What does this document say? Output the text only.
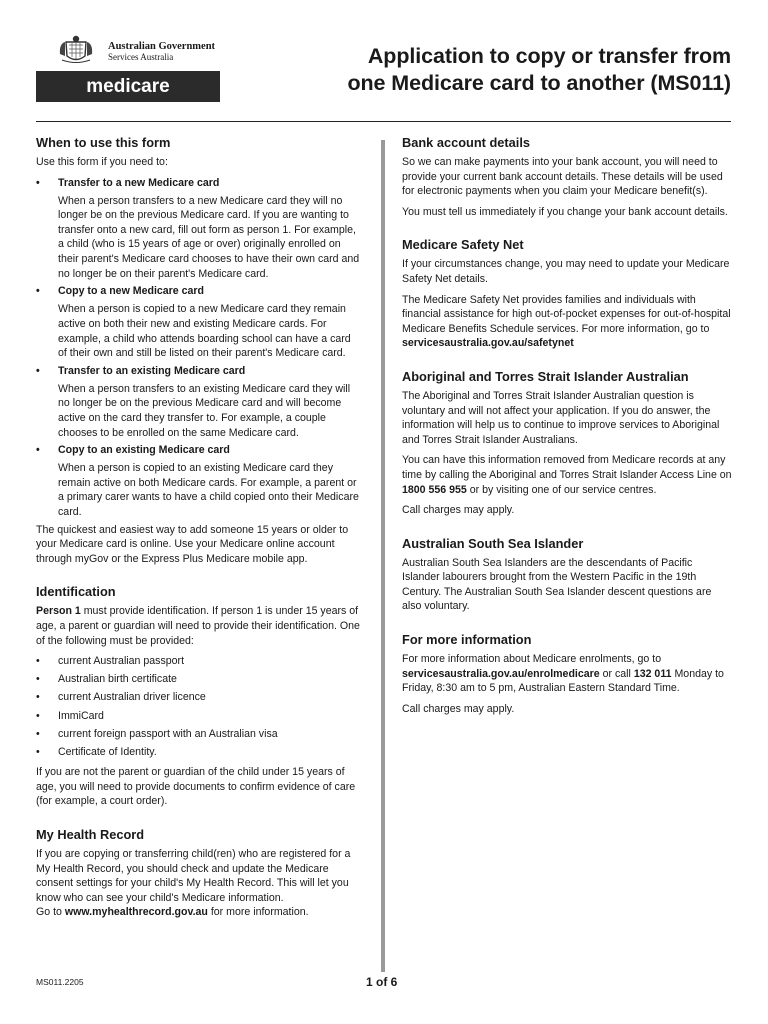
Australian Government
Services Australia
medicare
Application to copy or transfer from
one Medicare card to another (MS011)
When to use this form

Use this form if you need to:

• Transfer to a new Medicare card

When a person transfers to a new Medicare card they will no longer be on the previous Medicare card. If you are wanting to transfer onto a new card, fill out form as person 1. For example, a child (who is 15 years of age or over) originally enrolled on their parent's Medicare card chooses to have their own card and no longer be on their parent's Medicare card.

• Copy to a new Medicare card

When a person is copied to a new Medicare card they remain active on both their new and existing Medicare cards. For example, a child who attends boarding school can have a card of their own and still be listed on their parent's Medicare card.

• Transfer to an existing Medicare card

When a person transfers to an existing Medicare card they will no longer be on the previous Medicare card and will become active on the card they transfer to. For example, a couple chooses to be enrolled on the same Medicare card.

• Copy to an existing Medicare card

When a person is copied to an existing Medicare card they remain active on both Medicare cards. For example, a parent or a primary carer wants to have a child copied onto their Medicare card.

The quickest and easiest way to add someone 15 years or older to your Medicare card is online. Use your Medicare online account through myGov or the Express Plus Medicare mobile app.

Identification

Person 1 must provide identification. If person 1 is under 15 years of age, a parent or guardian will need to provide their identification. One of the following must be provided:

• current Australian passport
• Australian birth certificate
• current Australian driver licence
• ImmiCard
• current foreign passport with an Australian visa
• Certificate of Identity.

If you are not the parent or guardian of the child under 15 years of age, you will need to provide documents to confirm evidence of care (for example, a court order).

My Health Record

If you are copying or transferring child(ren) who are registered for a My Health Record, you should check and update the Medicare consent settings for your child's My Health Record. This will let you know who can see your child's Medicare information.
Go to www.myhealthrecord.gov.au for more information.

Bank account details

So we can make payments into your bank account, you will need to provide your current bank account details. These details will be used for electronic payments when you claim your Medicare benefit(s).

You must tell us immediately if you change your bank account details.

Medicare Safety Net

If your circumstances change, you may need to update your Medicare Safety Net details.

The Medicare Safety Net provides families and individuals with financial assistance for high out-of-pocket expenses for out-of-hospital Medicare Benefits Schedule services. For more information, go to servicesaustralia.gov.au/safetynet

Aboriginal and Torres Strait Islander Australian

The Aboriginal and Torres Strait Islander Australian question is voluntary and will not affect your application. If you do answer, the information will help us to continue to improve services to Aboriginal and Torres Strait Islander Australians.

You can have this information removed from Medicare records at any time by calling the Aboriginal and Torres Strait Islander Access Line on 1800 556 955 or by visiting one of our service centres.

Call charges may apply.

Australian South Sea Islander

Australian South Sea Islanders are the descendants of Pacific Islander labourers brought from the Western Pacific in the 19th Century. The Australian South Sea Islander descent questions are also voluntary.

For more information

For more information about Medicare enrolments, go to servicesaustralia.gov.au/enrolmedicare or call 132 011 Monday to Friday, 8:30 am to 5 pm, Australian Eastern Standard Time.

Call charges may apply.

MS011.2205	1 of 6
